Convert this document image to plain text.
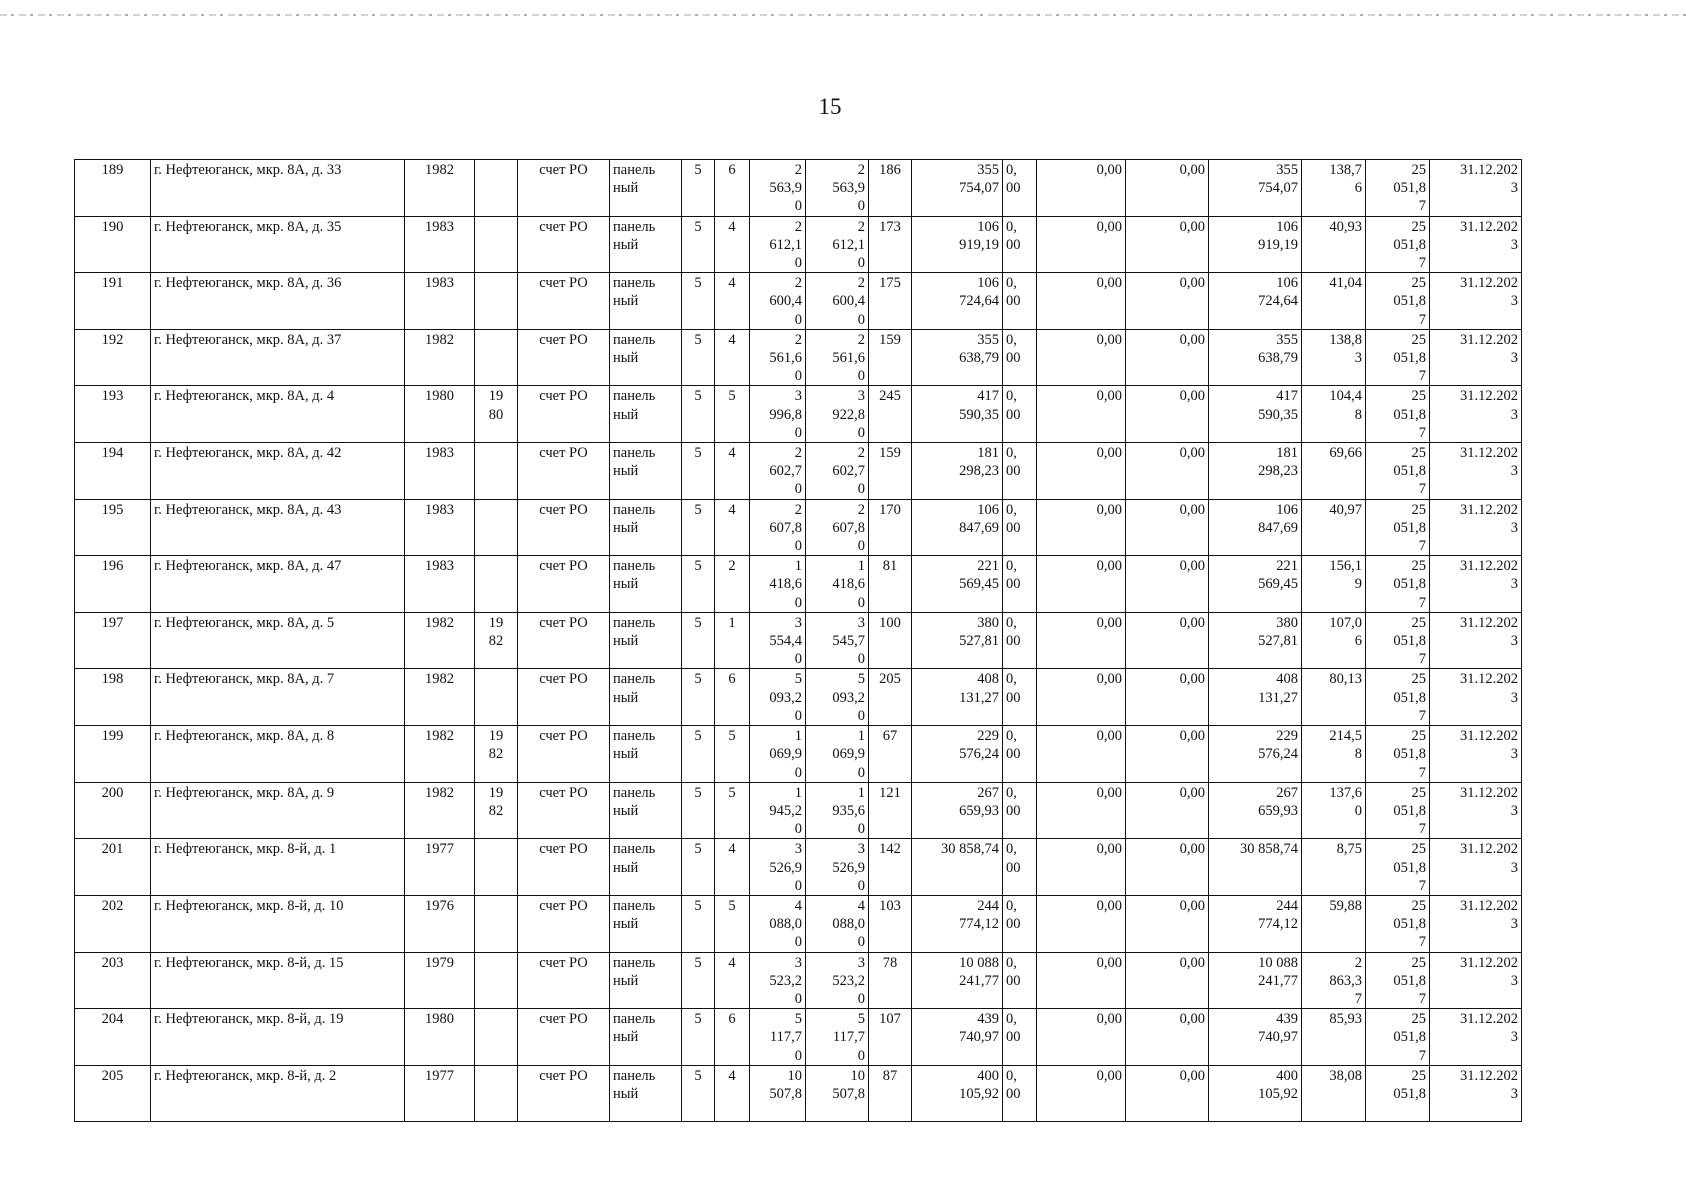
15
189	г. Нефтеюганск, мкр. 8А, д. 33	1982		счет РО	панель
ный	5	6	2
563,9
0	2
563,9
0	186	355
754,07	0,
00	0,00	0,00	355
754,07	138,7
6	25
051,8
7	31.12.202
3
190	г. Нефтеюганск, мкр. 8А, д. 35	1983		счет РО	панель
ный	5	4	2
612,1
0	2
612,1
0	173	106
919,19	0,
00	0,00	0,00	106
919,19	40,93	25
051,8
7	31.12.202
3
191	г. Нефтеюганск, мкр. 8А, д. 36	1983		счет РО	панель
ный	5	4	2
600,4
0	2
600,4
0	175	106
724,64	0,
00	0,00	0,00	106
724,64	41,04	25
051,8
7	31.12.202
3
192	г. Нефтеюганск, мкр. 8А, д. 37	1982		счет РО	панель
ный	5	4	2
561,6
0	2
561,6
0	159	355
638,79	0,
00	0,00	0,00	355
638,79	138,8
3	25
051,8
7	31.12.202
3
193	г. Нефтеюганск, мкр. 8А, д. 4	1980	19
80	счет РО	панель
ный	5	5	3
996,8
0	3
922,8
0	245	417
590,35	0,
00	0,00	0,00	417
590,35	104,4
8	25
051,8
7	31.12.202
3
194	г. Нефтеюганск, мкр. 8А, д. 42	1983		счет РО	панель
ный	5	4	2
602,7
0	2
602,7
0	159	181
298,23	0,
00	0,00	0,00	181
298,23	69,66	25
051,8
7	31.12.202
3
195	г. Нефтеюганск, мкр. 8А, д. 43	1983		счет РО	панель
ный	5	4	2
607,8
0	2
607,8
0	170	106
847,69	0,
00	0,00	0,00	106
847,69	40,97	25
051,8
7	31.12.202
3
196	г. Нефтеюганск, мкр. 8А, д. 47	1983		счет РО	панель
ный	5	2	1
418,6
0	1
418,6
0	81	221
569,45	0,
00	0,00	0,00	221
569,45	156,1
9	25
051,8
7	31.12.202
3
197	г. Нефтеюганск, мкр. 8А, д. 5	1982	19
82	счет РО	панель
ный	5	1	3
554,4
0	3
545,7
0	100	380
527,81	0,
00	0,00	0,00	380
527,81	107,0
6	25
051,8
7	31.12.202
3
198	г. Нефтеюганск, мкр. 8А, д. 7	1982		счет РО	панель
ный	5	6	5
093,2
0	5
093,2
0	205	408
131,27	0,
00	0,00	0,00	408
131,27	80,13	25
051,8
7	31.12.202
3
199	г. Нефтеюганск, мкр. 8А, д. 8	1982	19
82	счет РО	панель
ный	5	5	1
069,9
0	1
069,9
0	67	229
576,24	0,
00	0,00	0,00	229
576,24	214,5
8	25
051,8
7	31.12.202
3
200	г. Нефтеюганск, мкр. 8А, д. 9	1982	19
82	счет РО	панель
ный	5	5	1
945,2
0	1
935,6
0	121	267
659,93	0,
00	0,00	0,00	267
659,93	137,6
0	25
051,8
7	31.12.202
3
201	г. Нефтеюганск, мкр. 8-й, д. 1	1977		счет РО	панель
ный	5	4	3
526,9
0	3
526,9
0	142	30 858,74	0,
00	0,00	0,00	30 858,74	8,75	25
051,8
7	31.12.202
3
202	г. Нефтеюганск, мкр. 8-й, д. 10	1976		счет РО	панель
ный	5	5	4
088,0
0	4
088,0
0	103	244
774,12	0,
00	0,00	0,00	244
774,12	59,88	25
051,8
7	31.12.202
3
203	г. Нефтеюганск, мкр. 8-й, д. 15	1979		счет РО	панель
ный	5	4	3
523,2
0	3
523,2
0	78	10 088
241,77	0,
00	0,00	0,00	10 088
241,77	2
863,3
7	25
051,8
7	31.12.202
3
204	г. Нефтеюганск, мкр. 8-й, д. 19	1980		счет РО	панель
ный	5	6	5
117,7
0	5
117,7
0	107	439
740,97	0,
00	0,00	0,00	439
740,97	85,93	25
051,8
7	31.12.202
3
205	г. Нефтеюганск, мкр. 8-й, д. 2	1977		счет РО	панель
ный	5	4	10
507,8	10
507,8	87	400
105,92	0,
00	0,00	0,00	400
105,92	38,08	25
051,8	31.12.202
3
